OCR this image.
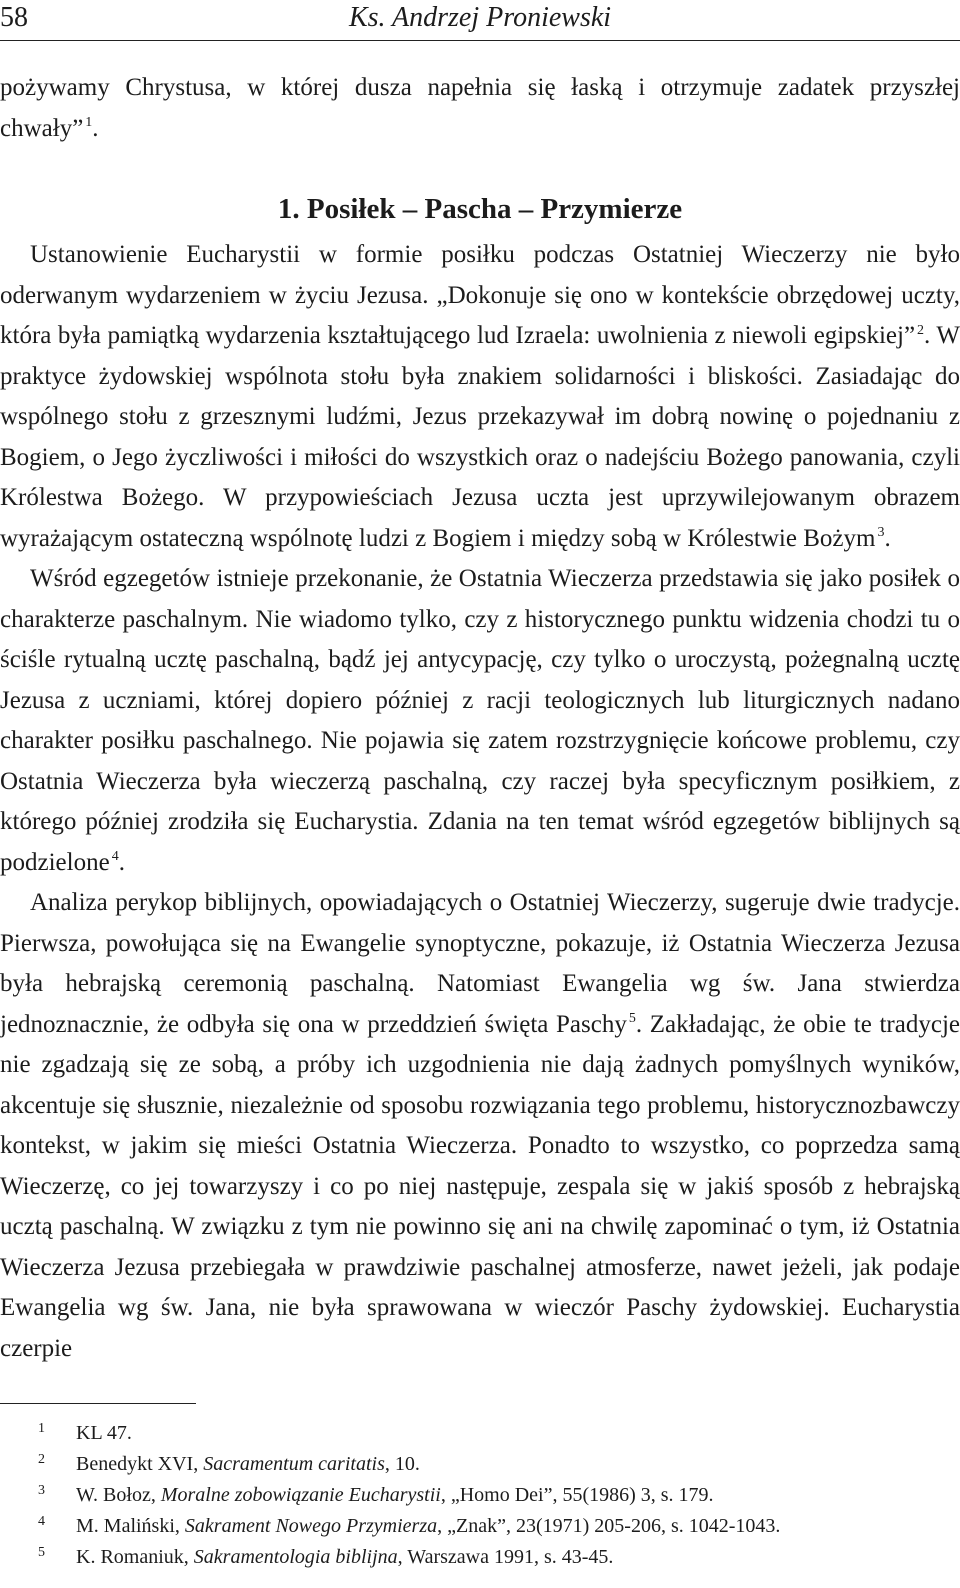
58	Ks. Andrzej Proniewski

pożywamy Chrystusa, w której dusza napełnia się łaską i otrzymuje zadatek przyszłej chwały” $^1$.

1. Posiłek – Pascha – Przymierze

Ustanowienie Eucharystii w formie posiłku podczas Ostatniej Wieczerzy nie było oderwanym wydarzeniem w życiu Jezusa. „Dokonuje się ono w kontekście obrzędowej uczty, która była pamiątką wydarzenia kształtującego lud Izraela: uwolnienia z niewoli egipskiej” $^2$. W praktyce żydowskiej wspólnota stołu była znakiem solidarności i bliskości. Zasiadając do wspólnego stołu z grzesznymi ludźmi, Jezus przekazywał im dobrą nowinę o pojednaniu z Bogiem, o Jego życzliwości i miłości do wszystkich oraz o nadejściu Bożego panowania, czyli Królestwa Bożego. W przypowieściach Jezusa uczta jest uprzywilejowanym obrazem wyrażającym ostateczną wspólnotę ludzi z Bogiem i między sobą w Królestwie Bożym $^3$.

Wśród egzegetów istnieje przekonanie, że Ostatnia Wieczerza przedstawia się jako posiłek o charakterze paschalnym. Nie wiadomo tylko, czy z historycznego punktu widzenia chodzi tu o ściśle rytualną ucztę paschalną, bądź jej antycypację, czy tylko o uroczystą, pożegnalną ucztę Jezusa z uczniami, której dopiero później z racji teologicznych lub liturgicznych nadano charakter posiłku paschalnego. Nie pojawia się zatem rozstrzygnięcie końcowe problemu, czy Ostatnia Wieczerza była wieczerzą paschalną, czy raczej była specyficznym posiłkiem, z którego później zrodziła się Eucharystia. Zdania na ten temat wśród egzegetów biblijnych są podzielone $^4$.

Analiza perykop biblijnych, opowiadających o Ostatniej Wieczerzy, sugeruje dwie tradycje. Pierwsza, powołująca się na Ewangelie synoptyczne, pokazuje, iż Ostatnia Wieczerza Jezusa była hebrajską ceremonią paschalną. Natomiast Ewangelia wg św. Jana stwierdza jednoznacznie, że odbyła się ona w przeddzień święta Paschy $^5$. Zakładając, że obie te tradycje nie zgadzają się ze sobą, a próby ich uzgodnienia nie dają żadnych pomyślnych wyników, akcentuje się słusznie, niezależnie od sposobu rozwiązania tego problemu, historycznozbawczy kontekst, w jakim się mieści Ostatnia Wieczerza. Ponadto to wszystko, co poprzedza samą Wieczerzę, co jej towarzyszy i co po niej następuje, zespala się w jakiś sposób z hebrajską ucztą paschalną. W związku z tym nie powinno się ani na chwilę zapominać o tym, iż Ostatnia Wieczerza Jezusa przebiegała w prawdziwie paschalnej atmosferze, nawet jeżeli, jak podaje Ewangelia wg św. Jana, nie była sprawowana w wieczór Paschy żydowskiej. Eucharystia czerpie

1 KL 47.
2 Benedykt XVI, Sacramentum caritatis, 10.
3 W. Bołoz, Moralne zobowiązanie Eucharystii, „Homo Dei”, 55(1986) 3, s. 179.
4 M. Maliński, Sakrament Nowego Przymierza, „Znak”, 23(1971) 205-206, s. 1042-1043.
5 K. Romaniuk, Sakramentologia biblijna, Warszawa 1991, s. 43-45.
